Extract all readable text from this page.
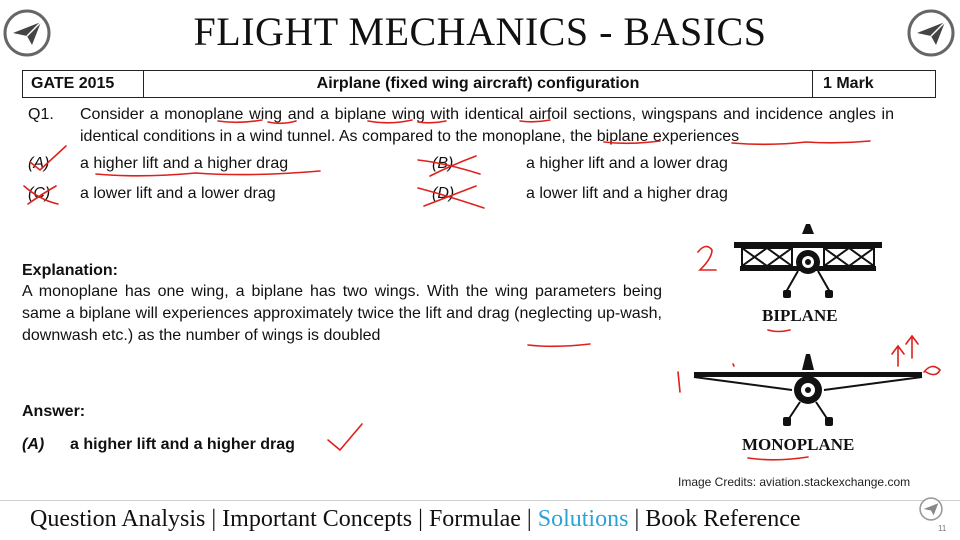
FLIGHT MECHANICS - BASICS
GATE 2015	Airplane (fixed wing aircraft) configuration	1 Mark
Q1. Consider a monoplane wing and a biplane wing with identical airfoil sections, wingspans and incidence angles in identical conditions in a wind tunnel. As compared to the monoplane, the biplane experiences
(A) a higher lift and a higher drag	(B)	a higher lift and a lower drag
(C) a lower lift and a lower drag	(D)	a lower lift and a higher drag
Explanation:
A monoplane has one wing, a biplane has two wings. With the wing parameters being same a biplane will experiences approximately twice the lift and drag (neglecting up-wash, downwash etc.) as the number of wings is doubled
Answer:
(A) a higher lift and a higher drag
BIPLANE
MONOPLANE
Image Credits: aviation.stackexchange.com
Question Analysis | Important Concepts | Formulae | Solutions | Book Reference	11
